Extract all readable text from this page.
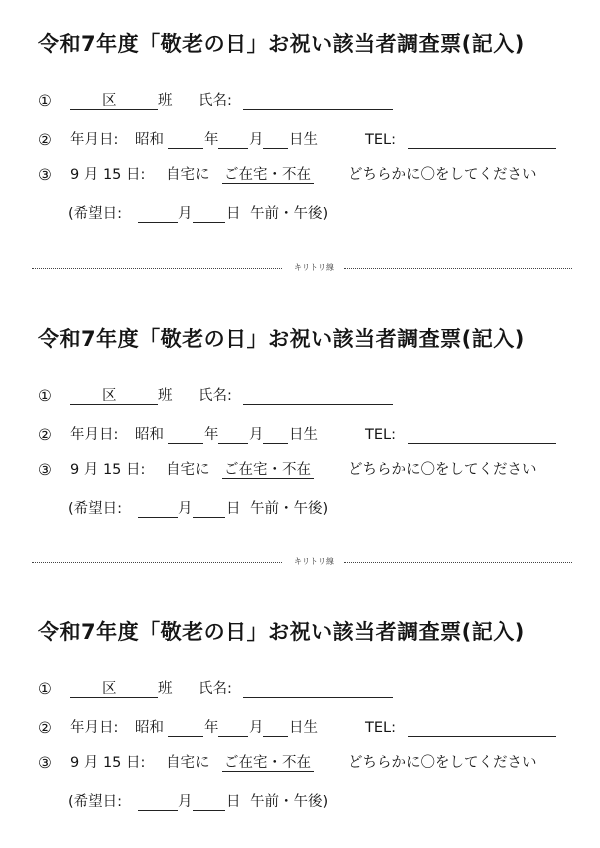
令和7年度「敬老の日」お祝い該当者調査票(記入)
①	区	班 氏名:
② 年月日: 昭和	年 月 日生	TEL:
③ 9 月 15 日: 自宅に ご在宅・不在	どちらかに〇をしてください
(希望日:	月 日 午前・午後)
キリトリ線
令和7年度「敬老の日」お祝い該当者調査票(記入)
①	区	班 氏名:
② 年月日: 昭和	年 月 日生	TEL:
③ 9 月 15 日: 自宅に ご在宅・不在	どちらかに〇をしてください
(希望日:	月 日 午前・午後)
キリトリ線
令和7年度「敬老の日」お祝い該当者調査票(記入)
①	区	班 氏名:
② 年月日: 昭和	年 月 日生	TEL:
③ 9 月 15 日: 自宅に ご在宅・不在	どちらかに〇をしてください
(希望日:	月 日 午前・午後)
